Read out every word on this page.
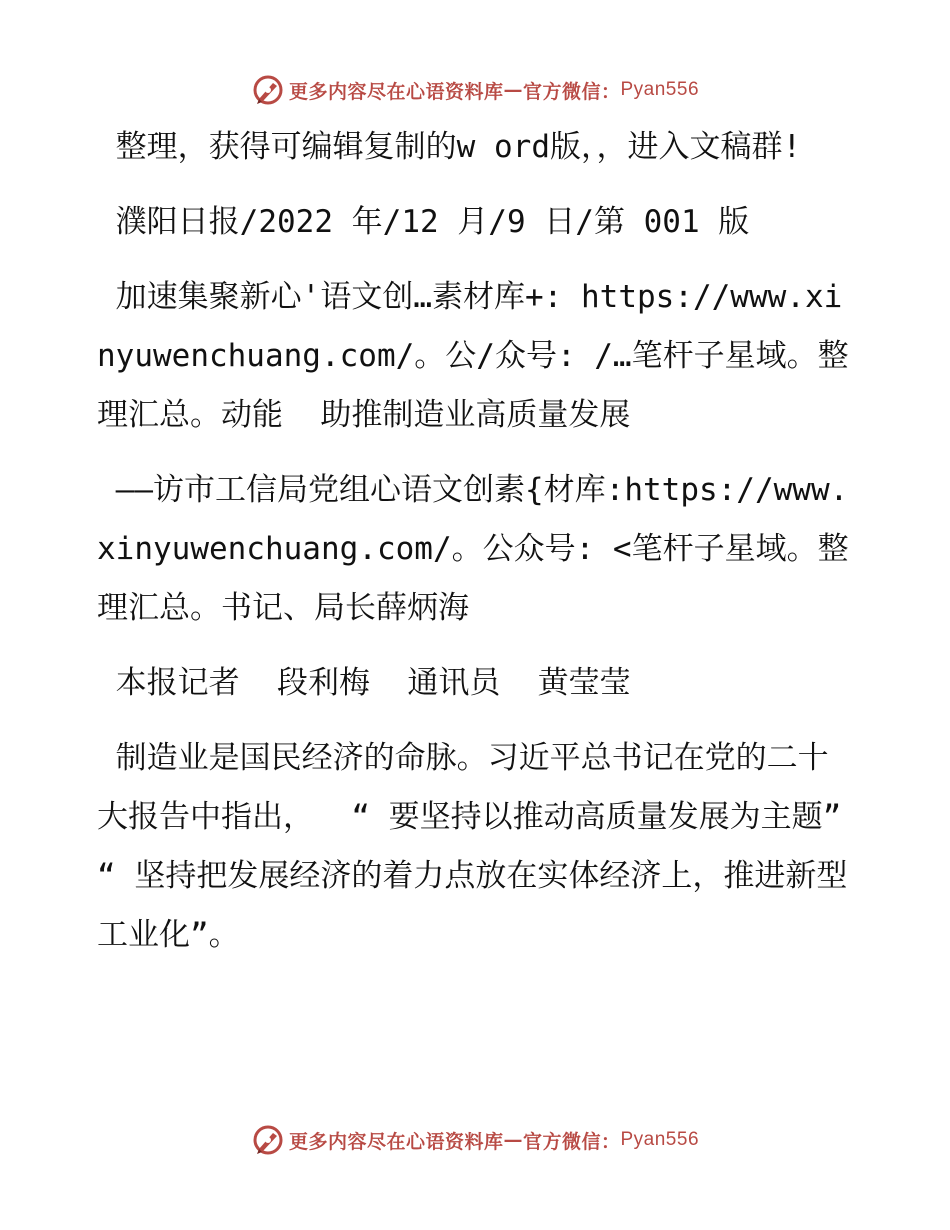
更多内容尽在心语资料库 — 官方微信： Pyan556

整理，获得可编辑复制的w ord版，，进入文稿群!

濮阳日报/2022 年/12 月/9 日/第 001 版

加速集聚新心'语文创…素材库+: https://www.xinyuwenchuang.com/。公/众号: /…笔杆子星域。整理汇总。动能  助推制造业高质量发展

——访市工信局党组心语文创素{材库:https://www.xinyuwenchuang.com/。公众号: <笔杆子星域。整理汇总。书记、局长薛炳海

本报记者  段利梅  通讯员  黄莹莹

制造业是国民经济的命脉。习近平总书记在党的二十大报告中指出，  “ 要坚持以推动高质量发展为主题” “ 坚持把发展经济的着力点放在实体经济上，推进新型工业化”。

更多内容尽在心语资料库 — 官方微信： Pyan556
